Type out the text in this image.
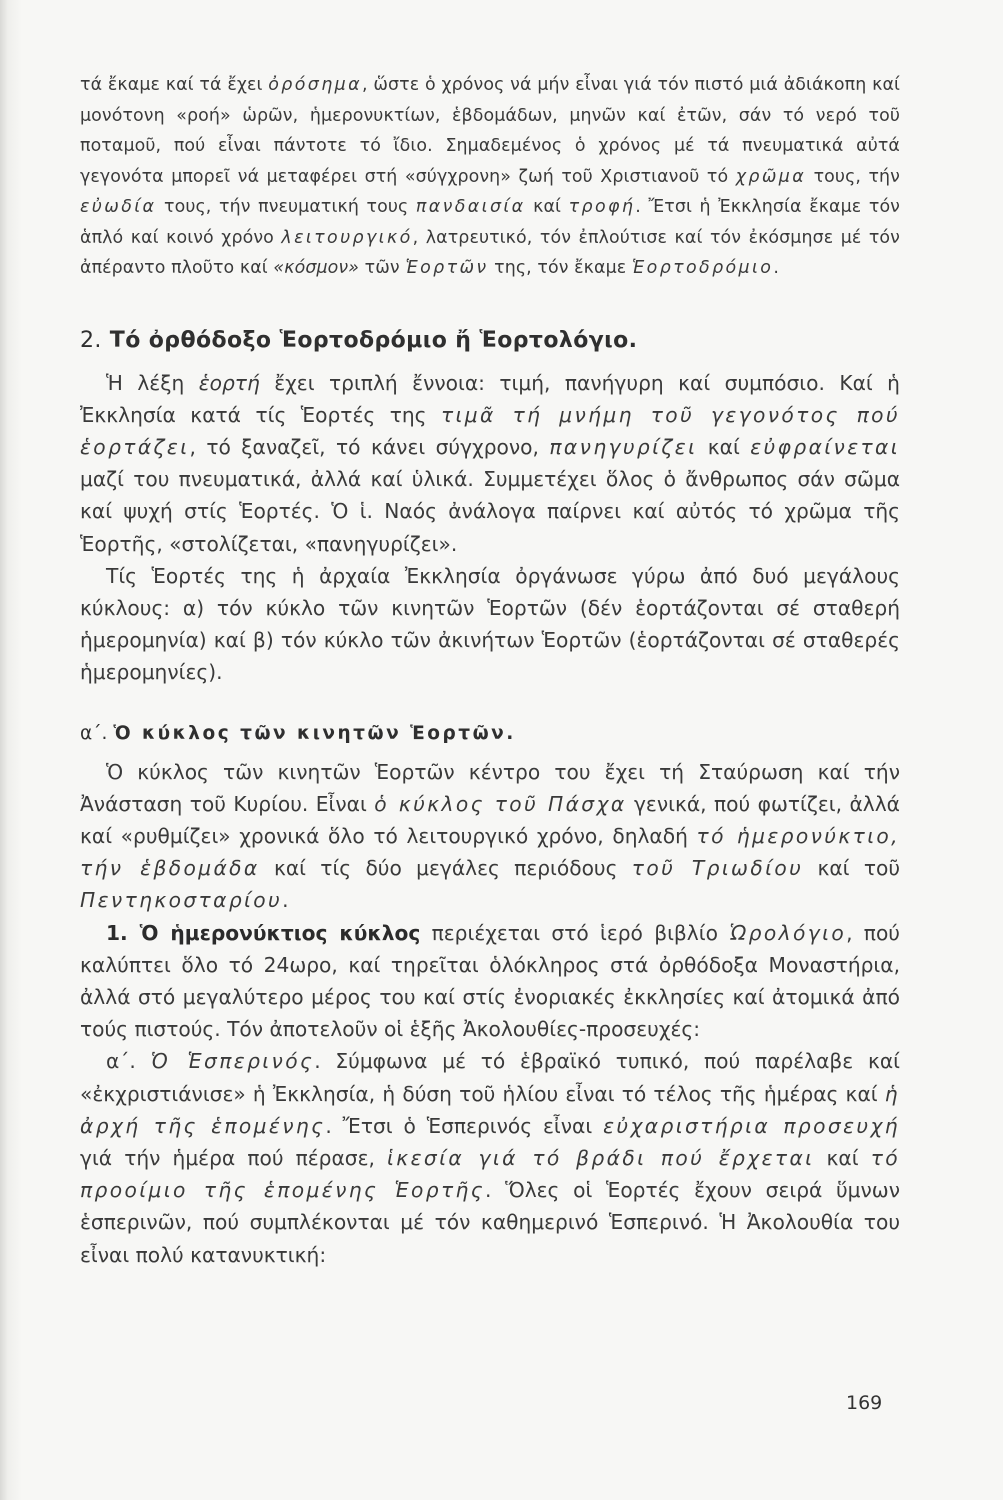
τά ἔκαμε καί τά ἔχει ὀρόσημα, ὥστε ὁ χρόνος νά μήν εἶναι γιά τόν πιστό μιά ἀδιάκοπη καί μονότονη «ροή» ὡρῶν, ἡμερονυκτίων, ἑβδομάδων, μηνῶν καί ἐτῶν, σάν τό νερό τοῦ ποταμοῦ, πού εἶναι πάντοτε τό ἴδιο. Σημαδεμένος ὁ χρόνος μέ τά πνευματικά αὐτά γεγονότα μπορεῖ νά μεταφέρει στή «σύγχρονη» ζωή τοῦ Χριστιανοῦ τό χρῶμα τους, τήν εὐωδία τους, τήν πνευματική τους πανδαισία καί τροφή. Ἔτσι ἡ Ἐκκλησία ἔκαμε τόν ἁπλό καί κοινό χρόνο λειτουργικό, λατρευτικό, τόν ἐπλούτισε καί τόν ἐκόσμησε μέ τόν ἀπέραντο πλοῦτο καί «κόσμον» τῶν Ἑορτῶν της, τόν ἔκαμε Ἑορτοδρόμιο.

2. Τό ὀρθόδοξο Ἑορτοδρόμιο ἤ Ἑορτολόγιο.

Ἡ λέξη ἑορτή ἔχει τριπλή ἔννοια: τιμή, πανήγυρη καί συμπόσιο. Καί ἡ Ἐκκλησία κατά τίς Ἑορτές της τιμᾶ τή μνήμη τοῦ γεγονότος πού ἑορτάζει, τό ξαναζεῖ, τό κάνει σύγχρονο, πανηγυρίζει καί εὐφραίνεται μαζί του πνευματικά, ἀλλά καί ὑλικά. Συμμετέχει ὅλος ὁ ἄνθρωπος σάν σῶμα καί ψυχή στίς Ἑορτές. Ὁ ἱ. Ναός ἀνάλογα παίρνει καί αὐτός τό χρῶμα τῆς Ἑορτῆς, «στολίζεται, «πανηγυρίζει».

Τίς Ἑορτές της ἡ ἀρχαία Ἐκκλησία ὀργάνωσε γύρω ἀπό δυό μεγάλους κύκλους: α) τόν κύκλο τῶν κινητῶν Ἑορτῶν (δέν ἑορτάζονται σέ σταθερή ἡμερομηνία) καί β) τόν κύκλο τῶν ἀκινήτων Ἑορτῶν (ἑορτάζονται σέ σταθερές ἡμερομηνίες).

α΄. Ὁ κύκλος τῶν κινητῶν Ἑορτῶν.

Ὁ κύκλος τῶν κινητῶν Ἑορτῶν κέντρο του ἔχει τή Σταύρωση καί τήν Ἀνάσταση τοῦ Κυρίου. Εἶναι ὁ κύκλος τοῦ Πάσχα γενικά, πού φωτίζει, ἀλλά καί «ρυθμίζει» χρονικά ὅλο τό λειτουργικό χρόνο, δηλαδή τό ἡμερονύκτιο, τήν ἑβδομάδα καί τίς δύο μεγάλες περιόδους τοῦ Τριωδίου καί τοῦ Πεντηκοσταρίου.

1. Ὁ ἡμερονύκτιος κύκλος περιέχεται στό ἱερό βιβλίο Ὡρολόγιο, πού καλύπτει ὅλο τό 24ωρο, καί τηρεῖται ὁλόκληρος στά ὀρθόδοξα Μοναστήρια, ἀλλά στό μεγαλύτερο μέρος του καί στίς ἐνοριακές ἐκκλησίες καί ἀτομικά ἀπό τούς πιστούς. Τόν ἀποτελοῦν οἱ ἑξῆς Ἀκολουθίες-προσευχές:

α΄. Ὁ Ἑσπερινός. Σύμφωνα μέ τό ἑβραϊκό τυπικό, πού παρέλαβε καί «ἐκχριστιάνισε» ἡ Ἐκκλησία, ἡ δύση τοῦ ἡλίου εἶναι τό τέλος τῆς ἡμέρας καί ἡ ἀρχή τῆς ἑπομένης. Ἔτσι ὁ Ἑσπερινός εἶναι εὐχαριστήρια προσευχή γιά τήν ἡμέρα πού πέρασε, ἱκεσία γιά τό βράδι πού ἔρχεται καί τό προοίμιο τῆς ἑπομένης Ἑορτῆς. Ὅλες οἱ Ἑορτές ἔχουν σειρά ὕμνων ἑσπερινῶν, πού συμπλέκονται μέ τόν καθημερινό Ἑσπερινό. Ἡ Ἀκολουθία του εἶναι πολύ κατανυκτική:

169
